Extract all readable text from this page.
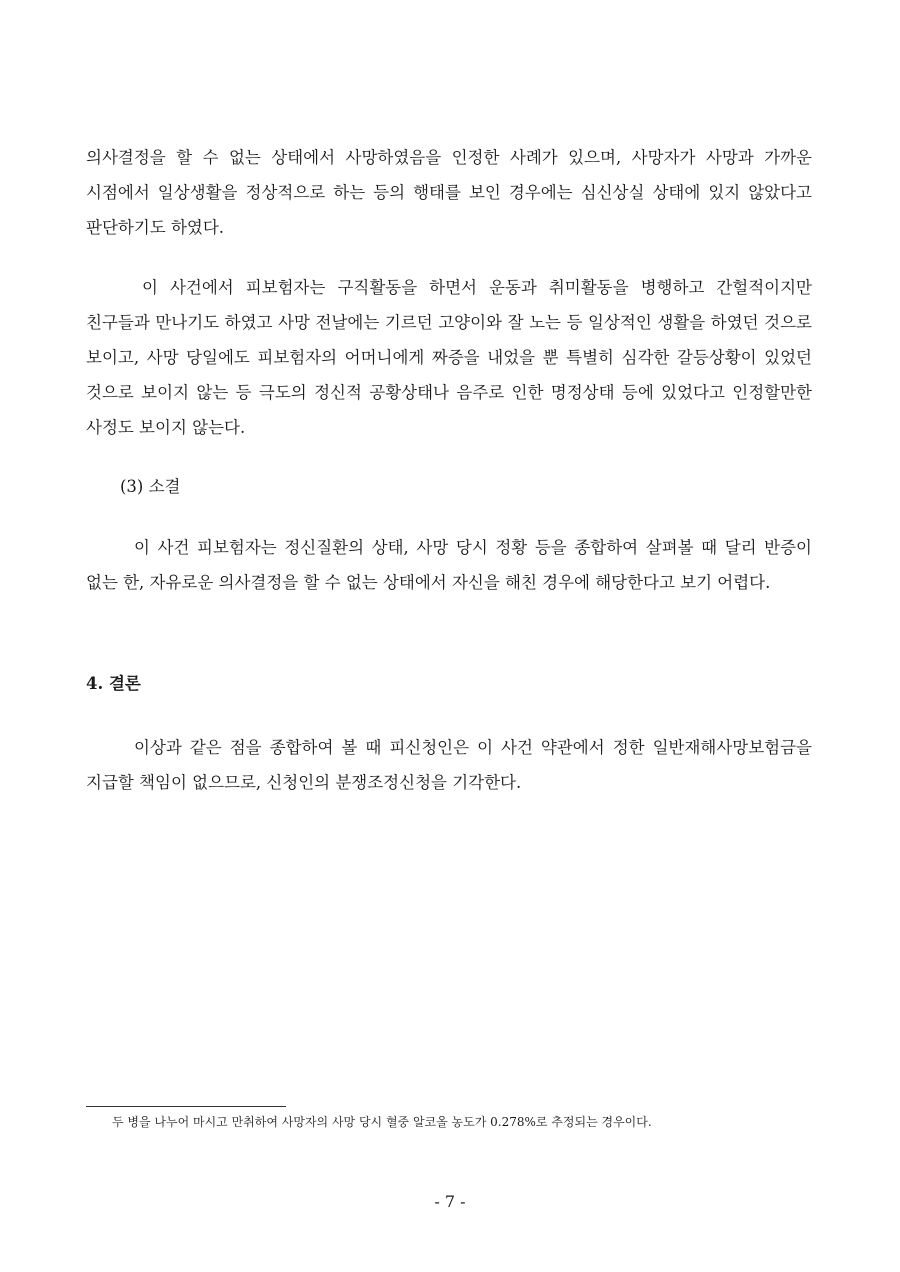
의사결정을 할 수 없는 상태에서 사망하였음을 인정한 사례가 있으며, 사망자가 사망과 가까운 시점에서 일상생활을 정상적으로 하는 등의 행태를 보인 경우에는 심신상실 상태에 있지 않았다고 판단하기도 하였다.

이 사건에서 피보험자는 구직활동을 하면서 운동과 취미활동을 병행하고 간헐적이지만 친구들과 만나기도 하였고 사망 전날에는 기르던 고양이와 잘 노는 등 일상적인 생활을 하였던 것으로 보이고, 사망 당일에도 피보험자의 어머니에게 짜증을 내었을 뿐 특별히 심각한 갈등상황이 있었던 것으로 보이지 않는 등 극도의 정신적 공황상태나 음주로 인한 명정상태 등에 있었다고 인정할만한 사정도 보이지 않는다.

(3) 소결

이 사건 피보험자는 정신질환의 상태, 사망 당시 정황 등을 종합하여 살펴볼 때 달리 반증이 없는 한, 자유로운 의사결정을 할 수 없는 상태에서 자신을 해친 경우에 해당한다고 보기 어렵다.

4. 결론

이상과 같은 점을 종합하여 볼 때 피신청인은 이 사건 약관에서 정한 일반재해사망보험금을 지급할 책임이 없으므로, 신청인의 분쟁조정신청을 기각한다.

두 병을 나누어 마시고 만취하여 사망자의 사망 당시 혈중 알코올 농도가 0.278%로 추정되는 경우이다.

- 7 -
